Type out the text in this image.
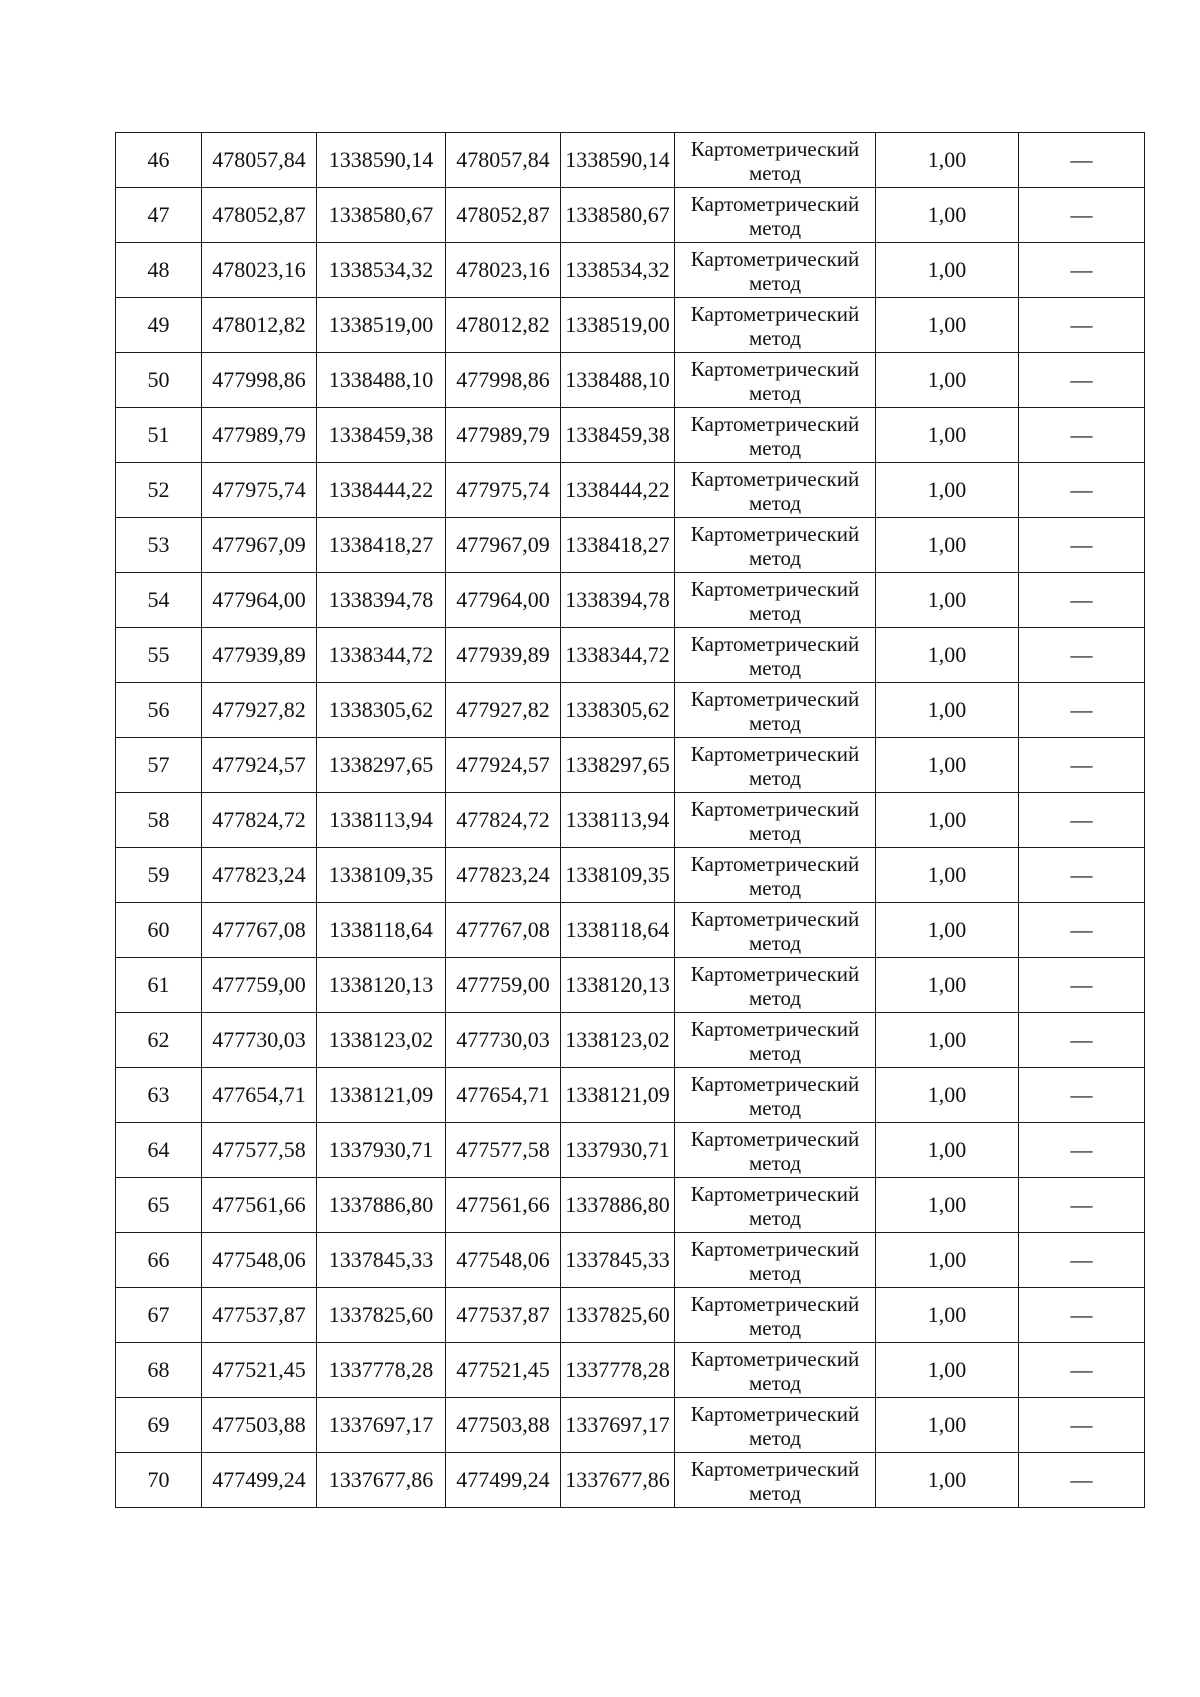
46	478057,84	1338590,14	478057,84	1338590,14	Картометрический
метод	1,00	—
47	478052,87	1338580,67	478052,87	1338580,67	Картометрический
метод	1,00	—
48	478023,16	1338534,32	478023,16	1338534,32	Картометрический
метод	1,00	—
49	478012,82	1338519,00	478012,82	1338519,00	Картометрический
метод	1,00	—
50	477998,86	1338488,10	477998,86	1338488,10	Картометрический
метод	1,00	—
51	477989,79	1338459,38	477989,79	1338459,38	Картометрический
метод	1,00	—
52	477975,74	1338444,22	477975,74	1338444,22	Картометрический
метод	1,00	—
53	477967,09	1338418,27	477967,09	1338418,27	Картометрический
метод	1,00	—
54	477964,00	1338394,78	477964,00	1338394,78	Картометрический
метод	1,00	—
55	477939,89	1338344,72	477939,89	1338344,72	Картометрический
метод	1,00	—
56	477927,82	1338305,62	477927,82	1338305,62	Картометрический
метод	1,00	—
57	477924,57	1338297,65	477924,57	1338297,65	Картометрический
метод	1,00	—
58	477824,72	1338113,94	477824,72	1338113,94	Картометрический
метод	1,00	—
59	477823,24	1338109,35	477823,24	1338109,35	Картометрический
метод	1,00	—
60	477767,08	1338118,64	477767,08	1338118,64	Картометрический
метод	1,00	—
61	477759,00	1338120,13	477759,00	1338120,13	Картометрический
метод	1,00	—
62	477730,03	1338123,02	477730,03	1338123,02	Картометрический
метод	1,00	—
63	477654,71	1338121,09	477654,71	1338121,09	Картометрический
метод	1,00	—
64	477577,58	1337930,71	477577,58	1337930,71	Картометрический
метод	1,00	—
65	477561,66	1337886,80	477561,66	1337886,80	Картометрический
метод	1,00	—
66	477548,06	1337845,33	477548,06	1337845,33	Картометрический
метод	1,00	—
67	477537,87	1337825,60	477537,87	1337825,60	Картометрический
метод	1,00	—
68	477521,45	1337778,28	477521,45	1337778,28	Картометрический
метод	1,00	—
69	477503,88	1337697,17	477503,88	1337697,17	Картометрический
метод	1,00	—
70	477499,24	1337677,86	477499,24	1337677,86	Картометрический
метод	1,00	—
